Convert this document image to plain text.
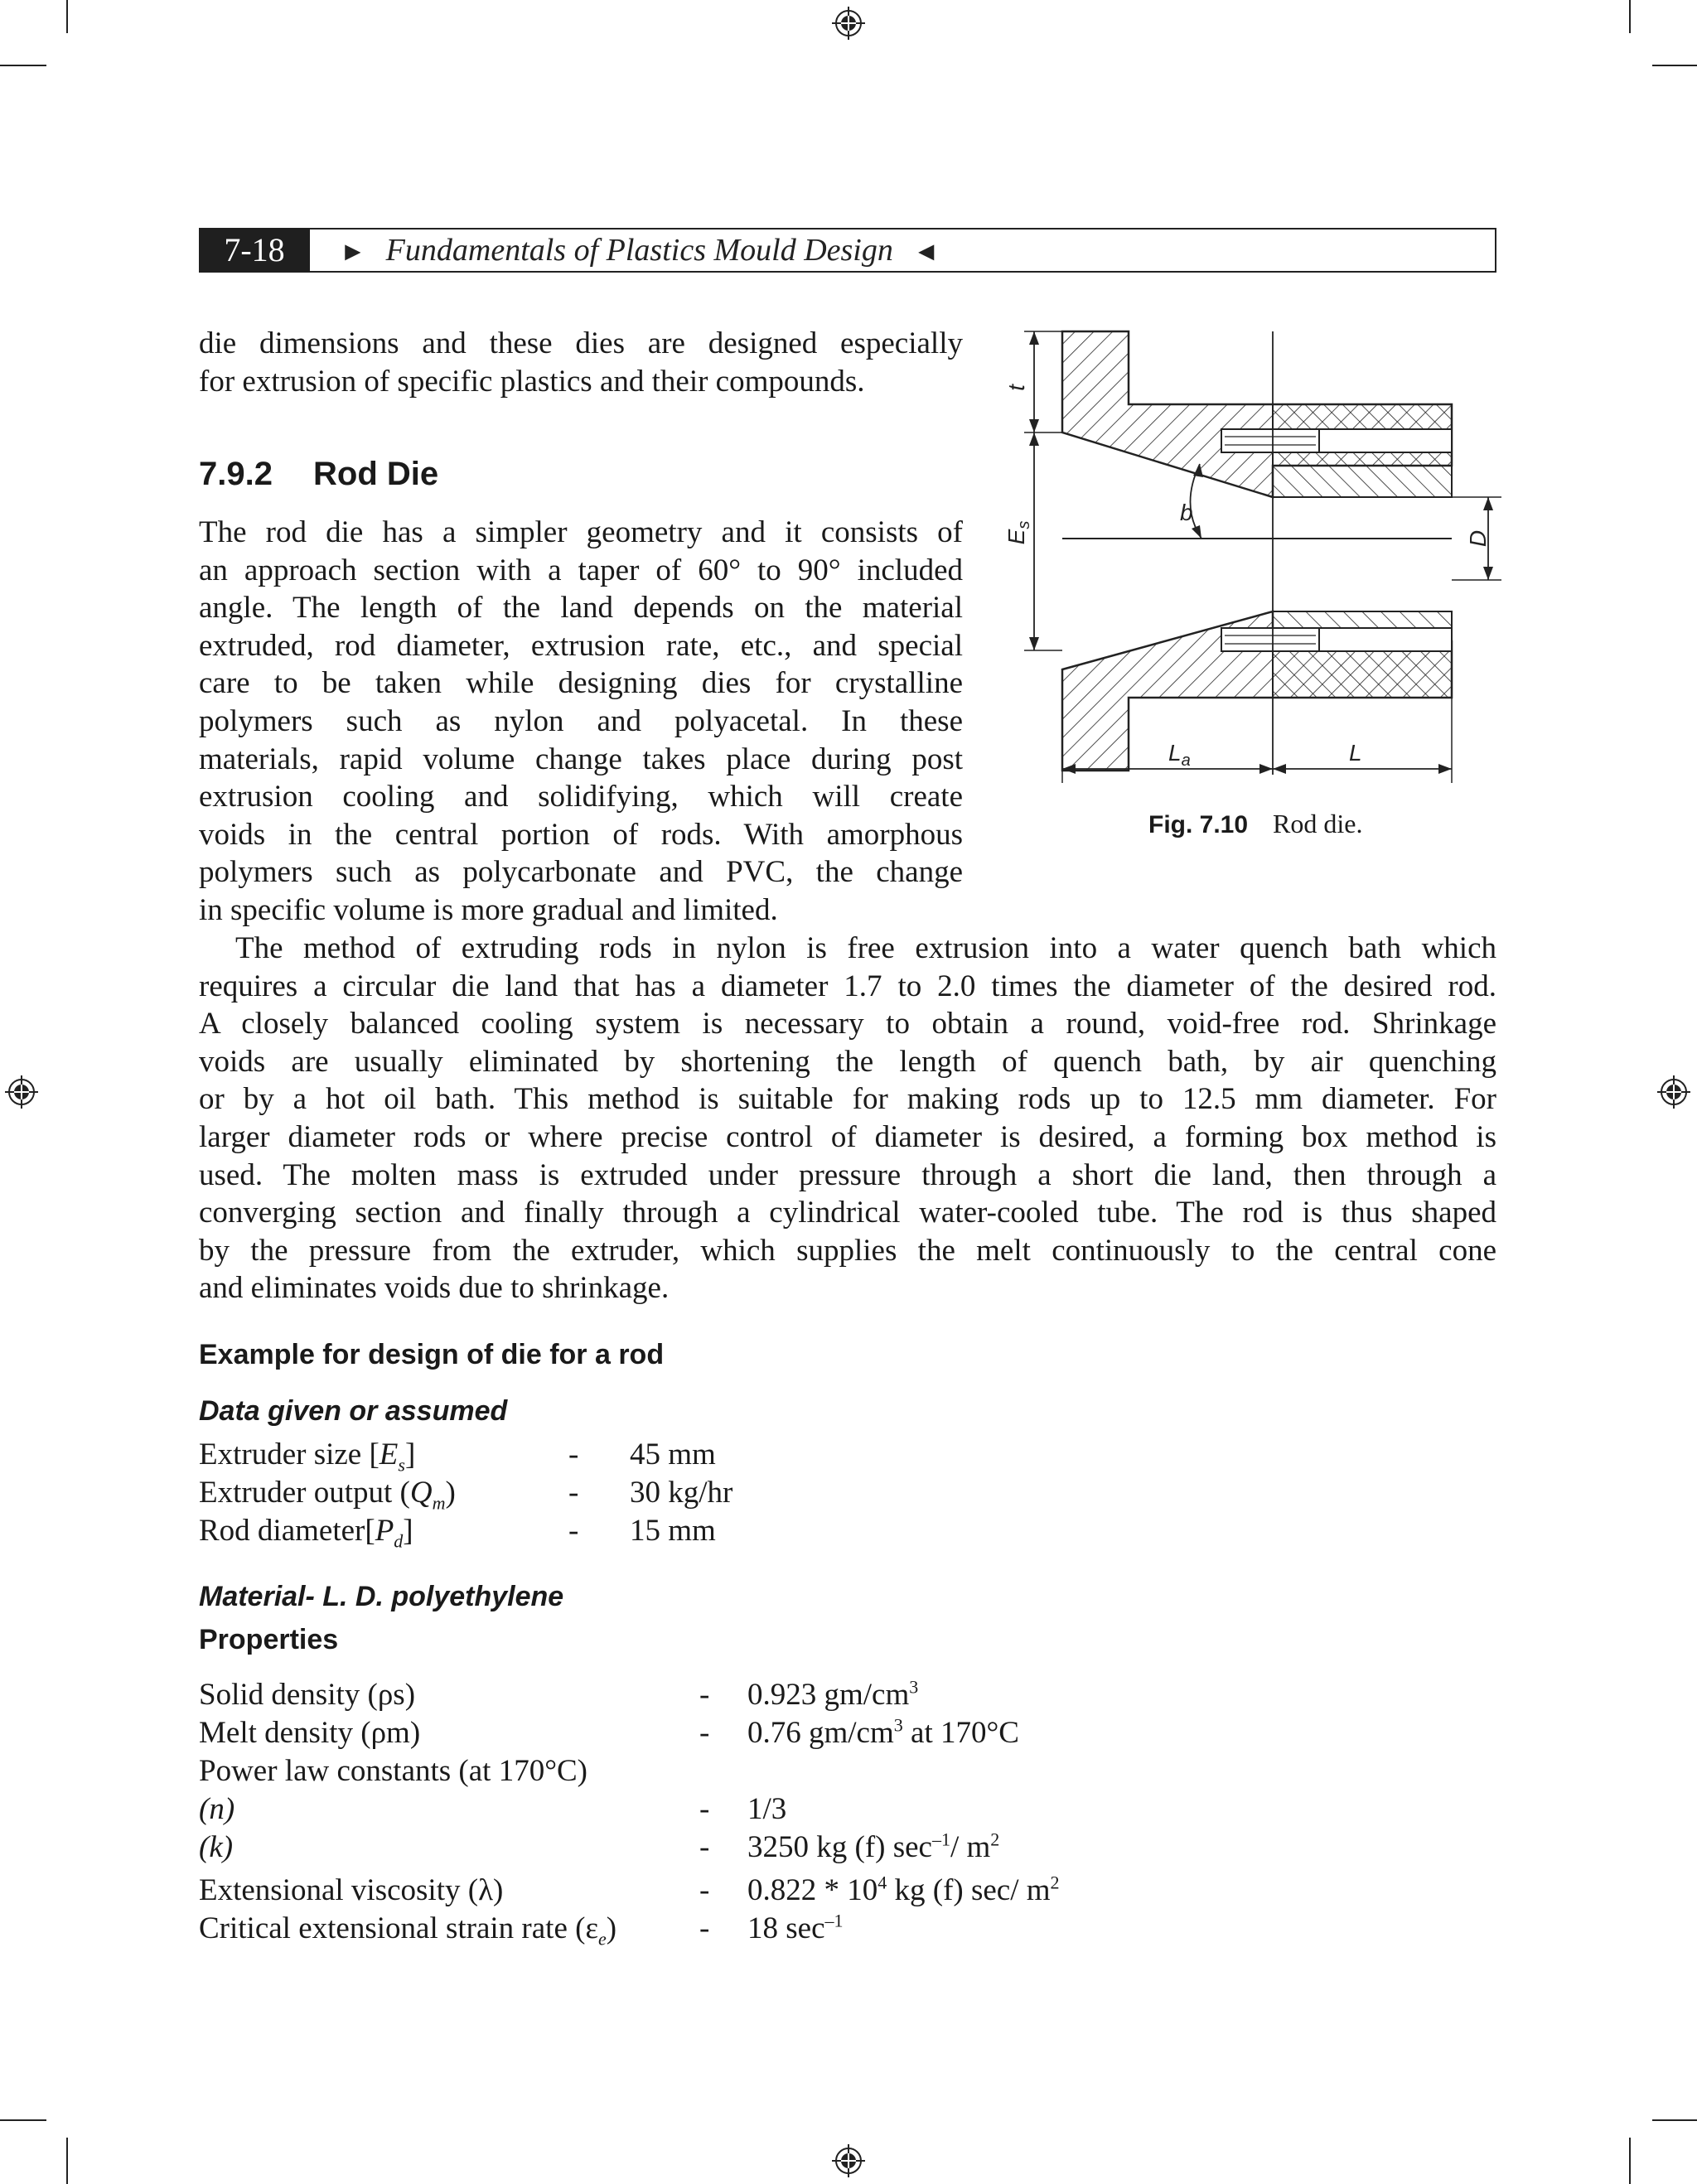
7-18	► Fundamentals of Plastics Mould Design ◄
die dimensions and these dies are designed especially
for extrusion of specific plastics and their compounds.
7.9.2 Rod Die
The rod die has a simpler geometry and it consists of
an approach section with a taper of 60° to 90° included
angle. The length of the land depends on the material
extruded, rod diameter, extrusion rate, etc., and special
care to be taken while designing dies for crystalline
polymers such as nylon and polyacetal. In these
materials, rapid volume change takes place during post
extrusion cooling and solidifying, which will create
voids in the central portion of rods. With amorphous
polymers such as polycarbonate and PVC, the change
in specific volume is more gradual and limited.
The method of extruding rods in nylon is free extrusion into a water quench bath which
requires a circular die land that has a diameter 1.7 to 2.0 times the diameter of the desired rod.
A closely balanced cooling system is necessary to obtain a round, void-free rod. Shrinkage
voids are usually eliminated by shortening the length of quench bath, by air quenching
or by a hot oil bath. This method is suitable for making rods up to 12.5 mm diameter. For
larger diameter rods or where precise control of diameter is desired, a forming box method is
used. The molten mass is extruded under pressure through a short die land, then through a
converging section and finally through a cylindrical water-cooled tube. The rod is thus shaped
by the pressure from the extruder, which supplies the melt continuously to the central cone
and eliminates voids due to shrinkage.
t
$E_s$	b
D
$L_a$	L
Fig. 7.10 Rod die.
Example for design of die for a rod
Data given or assumed
Extruder size $[E_s]$	- 45 mm
Extruder output $(Q_m)$	- 30 kg/hr
Rod $diameter[P_d]$	- 15 mm
Material- L. D. polyethylene
Properties
Solid density (ρs)	- 0.923 $gm/cm^3$
Melt density (ρm)	- 0.76 $gm/cm^3$ at 170°C
Power law constants (at 170°C)
(n)	- 1/3
(k)	- 3250 kg (f) $\sec^{-1}/$ $m^2$
Extensional viscosity (λ)	- $0.822 * 10^4$ kg (f) sec/ $m^2$
Critical extensional strain rate $(\varepsilon_e)$	- 18 $\sec^{-1}$
